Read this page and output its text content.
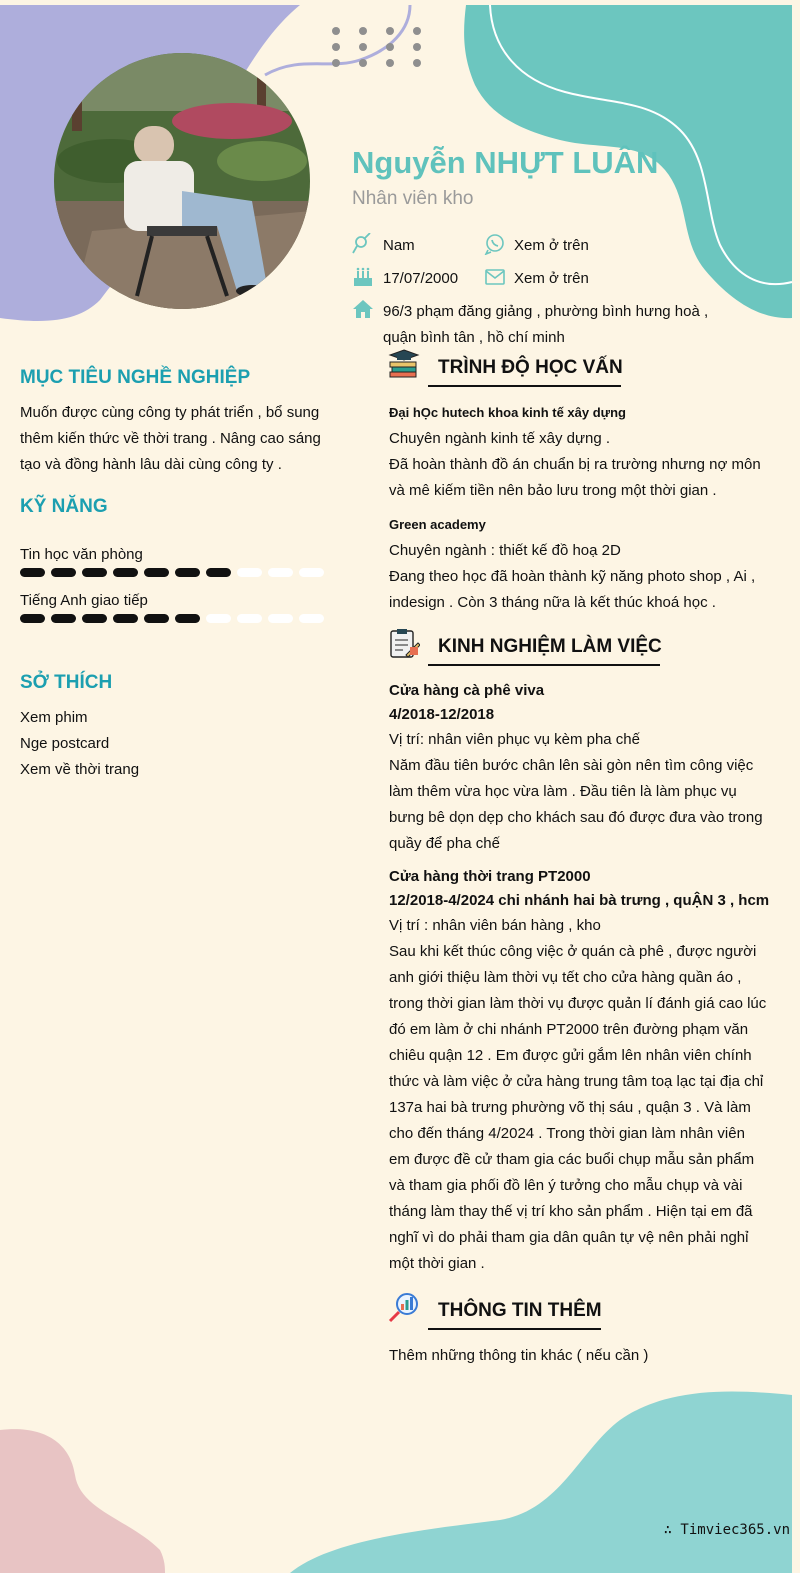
Nguyễn NHỰT LUÂN
Nhân viên kho
Nam	Xem ở trên
17/07/2000	Xem ở trên
96/3 phạm đăng giảng , phường bình hưng hoà ,
quận bình tân , hồ chí minh
MỤC TIÊU NGHỀ NGHIỆP
Muốn được cùng công ty phát triển , bổ sung
thêm kiến thức về thời trang . Nâng cao sáng
tạo và đồng hành lâu dài cùng công ty .
KỸ NĂNG
Tin học văn phòng
Tiếng Anh giao tiếp
SỞ THÍCH
Xem phim
Nge postcard
Xem về thời trang
TRÌNH ĐỘ HỌC VẤN
Đại hỌc hutech khoa kinh tế xây dựng
Chuyên ngành kinh tế xây dựng .
Đã hoàn thành đồ án chuẩn bị ra trường nhưng nợ môn
và mê kiếm tiền nên bảo lưu trong một thời gian .
Green academy
Chuyên ngành : thiết kế đồ hoạ 2D
Đang theo học đã hoàn thành kỹ năng photo shop , Ai ,
indesign . Còn 3 tháng nữa là kết thúc khoá học .
KINH NGHIỆM LÀM VIỆC
Cửa hàng cà phê viva
4/2018-12/2018
Vị trí: nhân viên phục vụ kèm pha chế
Năm đầu tiên bước chân lên sài gòn nên tìm công việc
làm thêm vừa học vừa làm . Đầu tiên là làm phục vụ
bưng bê dọn dẹp cho khách sau đó được đưa vào trong
quầy để pha chế
Cửa hàng thời trang PT2000
12/2018-4/2024 chi nhánh hai bà trưng , quẬN 3 , hcm
Vị trí : nhân viên bán hàng , kho
Sau khi kết thúc công việc ở quán cà phê , được người
anh giới thiệu làm thời vụ tết cho cửa hàng quần áo ,
trong thời gian làm thời vụ được quản lí đánh giá cao lúc
đó em làm ở chi nhánh PT2000 trên đường phạm văn
chiêu quận 12 . Em được gửi gắm lên nhân viên chính
thức và làm việc ở cửa hàng trung tâm toạ lạc tại địa chỉ
137a hai bà trưng phường võ thị sáu , quận 3 . Và làm
cho đến tháng 4/2024 . Trong thời gian làm nhân viên
em được đề cử tham gia các buổi chụp mẫu sản phẩm
và tham gia phối đồ lên ý tưởng cho mẫu chụp và vài
tháng làm thay thế vị trí kho sản phẩm . Hiện tại em đã
nghĩ vì do phải tham gia dân quân tự vệ nên phải nghỉ
một thời gian .
THÔNG TIN THÊM
Thêm những thông tin khác ( nếu cần )
∴ Timviec365.vn
